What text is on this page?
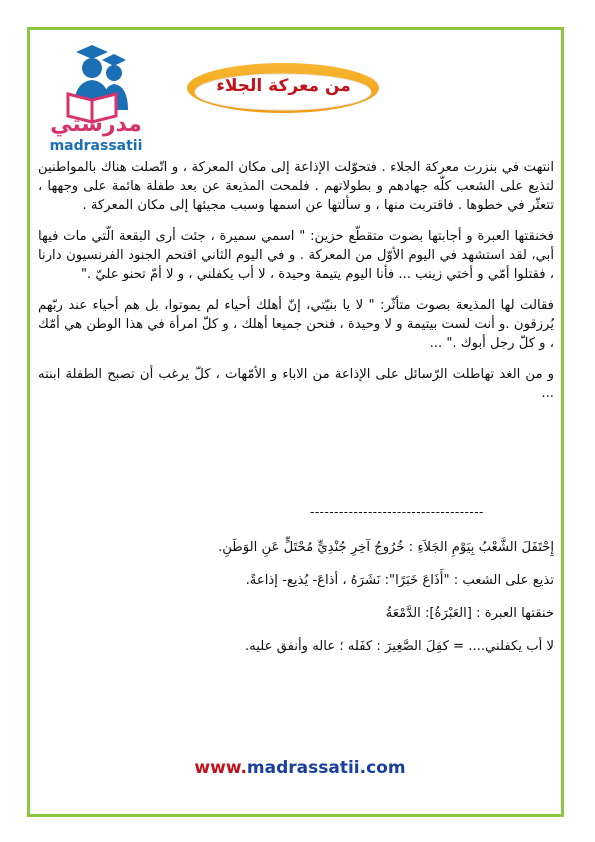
مدرستي
madrassatii
من معركة الجلاء

انتهت في بنزرت معركة الجلاء . فتحوّلت الإذاعة إلى مكان المعركة ، و اتّصلت هناك بالمواطنين لتذيع على الشعب كلّه جهادهم و بطولاتهم . فلمحت المذيعة عن بعد طفلة هائمة على وجهها ، تتعثّر في خطوها . فاقتربت منها ، و سألتها عن اسمها وسبب مجيئها إلى مكان المعركة .

فخنقتها العبرة و أجابتها بصوت متقطّع حزين: " اسمي سميرة ، جئت أرى البقعة الّتي مات فيها أبي، لقد استشهد في اليوم الأوّل من المعركة . و في اليوم الثاني اقتحم الجنود الفرنسيون دارنا ، فقتلوا أمّي و أختي زينب ... فأنا اليوم يتيمة وحيدة ، لا أب يكفلني ، و لا أمّ تحنو عليّ ."

فقالت لها المذيعة بصوت متأثّر: " لا يا بنيّتي، إنّ أهلك أحياء لم يموتوا، بل هم أحياء عند ربّهم يُرزقون .و أنت لست بيتيمة و لا وحيدة ، فنحن جميعا أهلك ، و كلّ امرأة في هذا الوطن هي أمّك ، و كلّ رجل أبوك ." ...

و من الغد تهاطلت الرّسائل على الإذاعة من الاباء و الأمّهات ، كلّ يرغب أن تصبح الطفلة ابنته ...

------------------------------------

إِحْتَفَلَ الشَّعْبُ بِيَوْمِ الجَلاَءِ : خُرُوجُ آخِرِ جُنْدِيٍّ مُحْتَلٍّ عَنِ الوَطَنِ.

تذيع على الشعب : "أَذَاعَ خَبَرًا": نَشَرَهُ ، أذاعَ- يُذيع- إذاعةً.

خنقتها العبرة : [العَبْرَةُ]: الدَّمْعَةُ

لا أب يكفلني.... = كفِلَ الصَّغِيرَ : كفَله ؛ عاله وأنفق عليه.

www.madrassatii.com
